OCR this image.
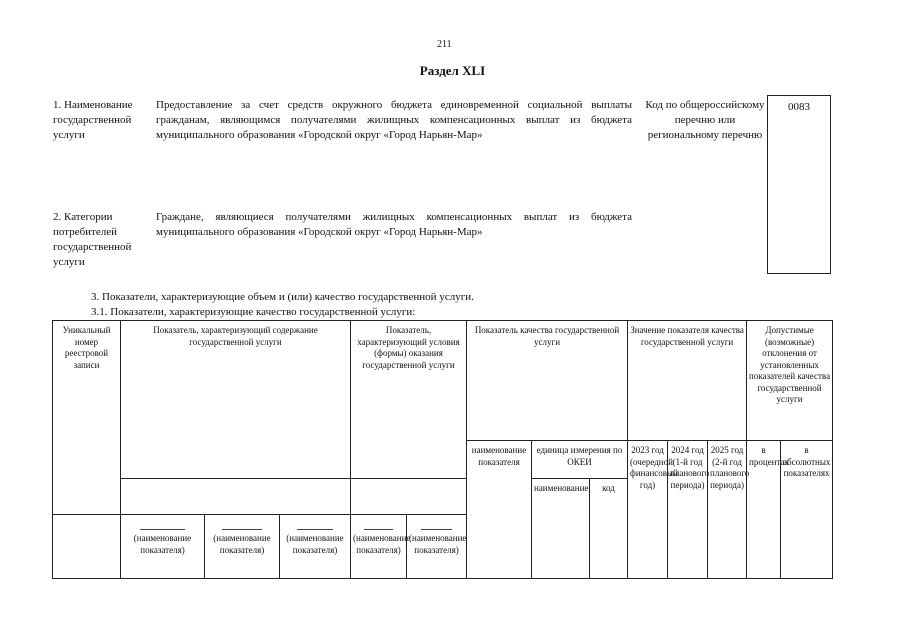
211
Раздел XLI
1. Наименование государственной услуги
Предоставление за счет средств окружного бюджета единовременной социальной выплаты гражданам, являющимся получателями жилищных компенсационных выплат из бюджета муниципального образования «Городской округ «Город Нарьян-Мар»
Код по общероссийскому перечню или региональному перечню
0083
2. Категории потребителей государственной услуги
Граждане, являющиеся получателями жилищных компенсационных выплат из бюджета муниципального образования «Городской округ «Город Нарьян-Мар»
3. Показатели, характеризующие объем и (или) качество государственной услуги.
3.1. Показатели, характеризующие качество государственной услуги:
Уникальный номер реестровой записи	Показатель, характеризующий содержание государственной услуги			Показатель, характеризующий условия (формы) оказания государственной услуги		Показатель качества государственной услуги			Значение показателя качества государственной услуги			Допустимые (возможные) отклонения от установленных показателей качества государственной услуги	
						наименование показателя	единица измерения по ОКЕИ		2023 год (очередной финансовый год)	2024 год (1-й год планового периода)	2025 год (2-й год планового периода)	в процентах	в абсолютных показателях
							наименование	код					

	(наименование показателя)	(наименование показателя)	(наименование показателя)	(наименование показателя)	(наименование показателя)								
